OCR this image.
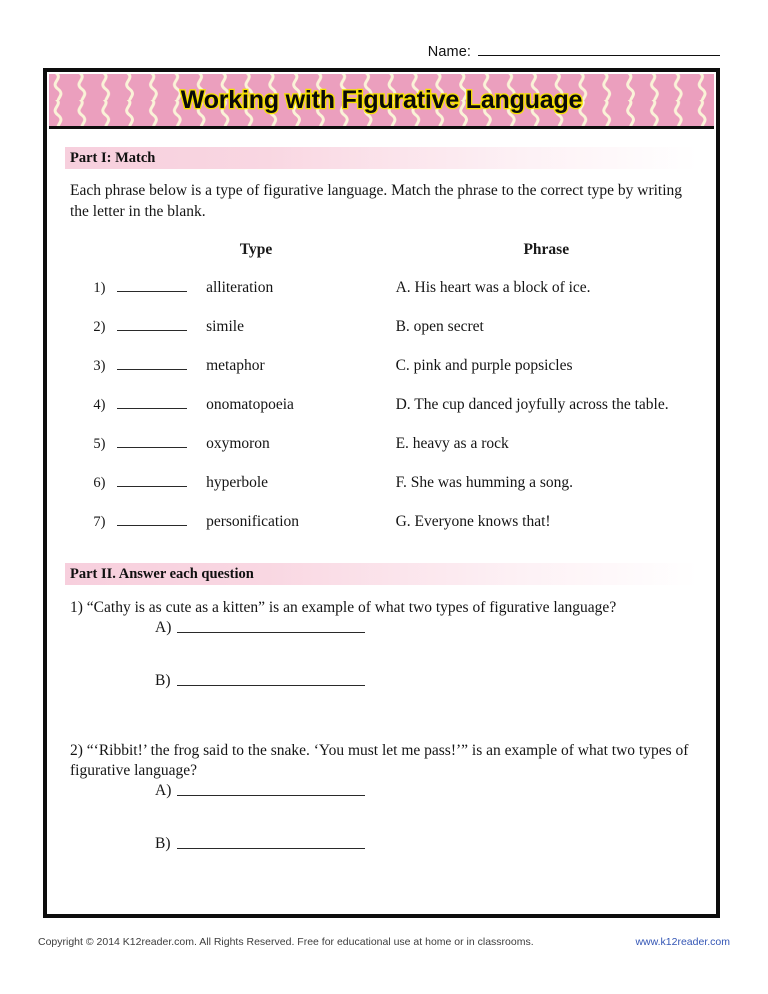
Name:
Working with Figurative Language
Part I: Match

Each phrase below is a type of figurative language. Match the phrase to the correct type by writing the letter in the blank.

	Type		Phrase
1)		alliteration	A. His heart was a block of ice.
2)		simile	B. open secret
3)		metaphor	C. pink and purple popsicles
4)		onomatopoeia	D. The cup danced joyfully across the table.
5)		oxymoron	E. heavy as a rock
6)		hyperbole	F. She was humming a song.
7)		personification	G. Everyone knows that!
Part II. Answer each question

1) “Cathy is as cute as a kitten” is an example of what two types of figurative language?

A)
B)

2) “‘Ribbit!’ the frog said to the snake. ‘You must let me pass!’” is an example of what two types of figurative language?

A)
B)
Copyright © 2014 K12reader.com. All Rights Reserved. Free for educational use at home or in classrooms.	www.k12reader.com
